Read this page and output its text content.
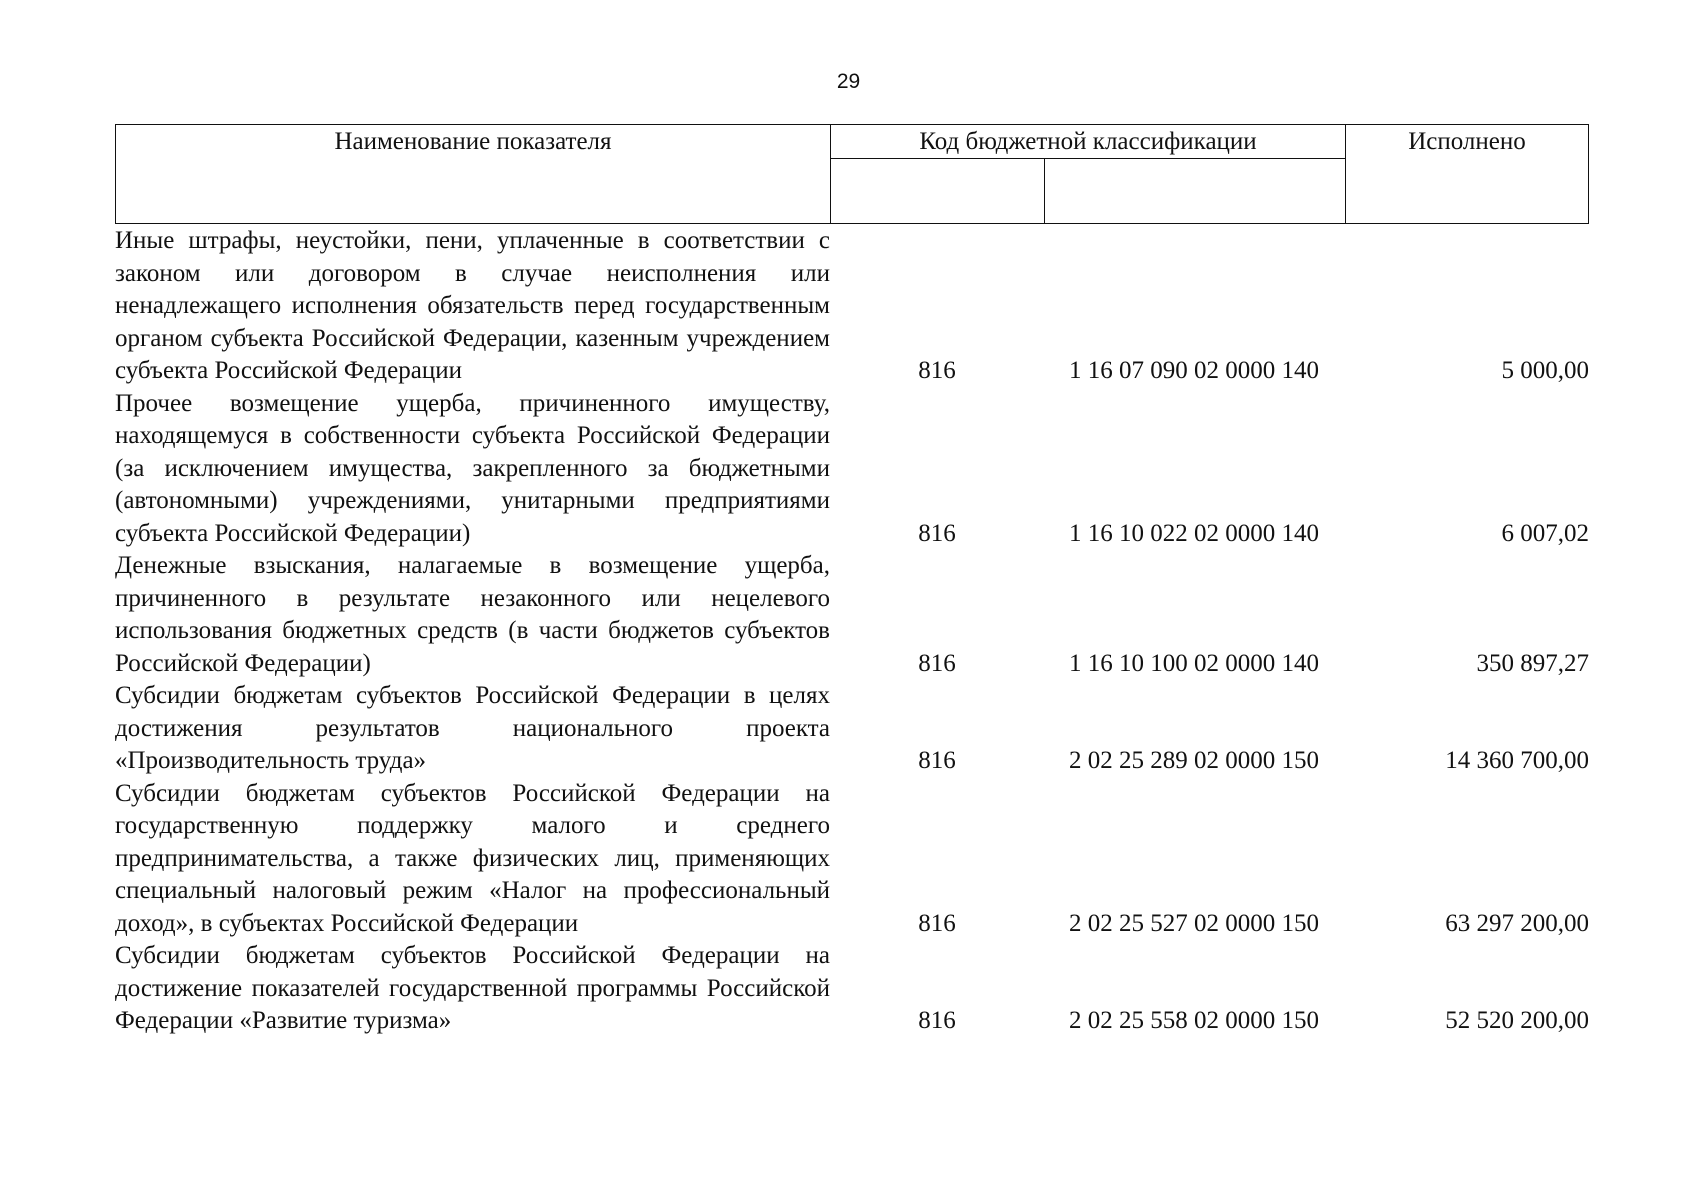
29
Наименование показателя	Код бюджетной классификации	Исполнено
Иные штрафы, неустойки, пени, уплаченные в соответствии с законом или договором в случае неисполнения или ненадлежащего исполнения обязательств перед государственным органом субъекта Российской Федерации, казенным учреждением субъекта Российской Федерации	816	1 16 07 090 02 0000 140	5 000,00
Прочее возмещение ущерба, причиненного имуществу, находящемуся в собственности субъекта Российской Федерации (за исключением имущества, закрепленного за бюджетными (автономными) учреждениями, унитарными предприятиями субъекта Российской Федерации)	816	1 16 10 022 02 0000 140	6 007,02
Денежные взыскания, налагаемые в возмещение ущерба, причиненного в результате незаконного или нецелевого использования бюджетных средств (в части бюджетов субъектов Российской Федерации)	816	1 16 10 100 02 0000 140	350 897,27
Субсидии бюджетам субъектов Российской Федерации в целях достижения результатов национального проекта «Производительность труда»	816	2 02 25 289 02 0000 150	14 360 700,00
Субсидии бюджетам субъектов Российской Федерации на государственную поддержку малого и среднего предпринимательства, а также физических лиц, применяющих специальный налоговый режим «Налог на профессиональный доход», в субъектах Российской Федерации	816	2 02 25 527 02 0000 150	63 297 200,00
Субсидии бюджетам субъектов Российской Федерации на достижение показателей государственной программы Российской Федерации «Развитие туризма»	816	2 02 25 558 02 0000 150	52 520 200,00
